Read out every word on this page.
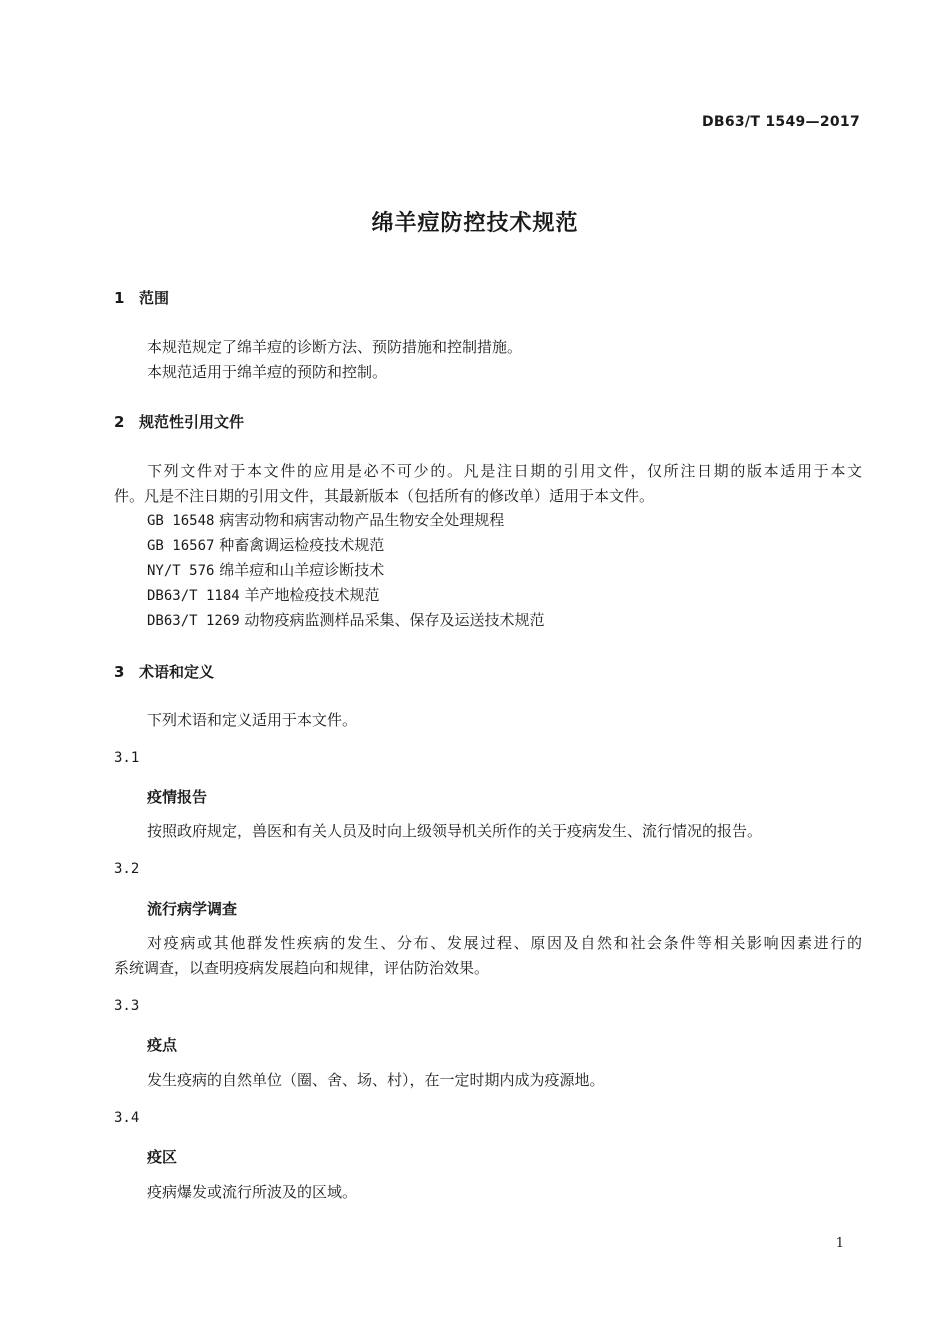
DB63/T 1549—2017
绵羊痘防控技术规范
1 范围
本规范规定了绵羊痘的诊断方法、预防措施和控制措施。
本规范适用于绵羊痘的预防和控制。
2 规范性引用文件
下列文件对于本文件的应用是必不可少的。凡是注日期的引用文件，仅所注日期的版本适用于本文
件。凡是不注日期的引用文件，其最新版本（包括所有的修改单）适用于本文件。
GB 16548 病害动物和病害动物产品生物安全处理规程
GB 16567 种畜禽调运检疫技术规范
NY/T 576 绵羊痘和山羊痘诊断技术
DB63/T 1184 羊产地检疫技术规范
DB63/T 1269 动物疫病监测样品采集、保存及运送技术规范
3 术语和定义
下列术语和定义适用于本文件。
3.1
疫情报告
按照政府规定，兽医和有关人员及时向上级领导机关所作的关于疫病发生、流行情况的报告。
3.2
流行病学调查
对疫病或其他群发性疾病的发生、分布、发展过程、原因及自然和社会条件等相关影响因素进行的
系统调查，以查明疫病发展趋向和规律，评估防治效果。
3.3
疫点
发生疫病的自然单位（圈、舍、场、村），在一定时期内成为疫源地。
3.4
疫区
疫病爆发或流行所波及的区域。
1
